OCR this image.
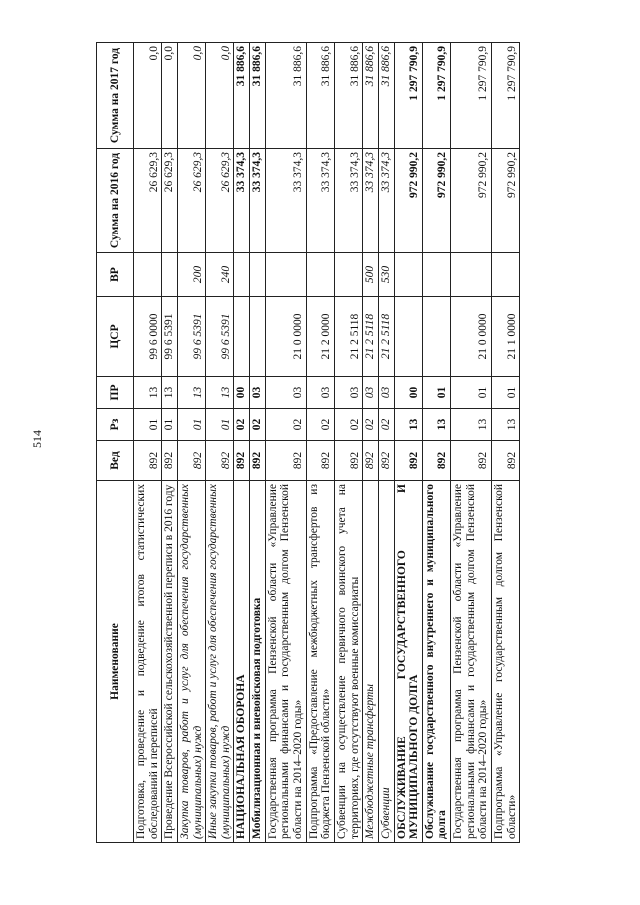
514
Наименование	Вед	Рз	ПР	ЦСР	ВР	Сумма на 2016 год	Сумма на 2017 год
Подготовка, проведение и подведение итогов статистических обследований и переписей	892	01	13	99 6 0000		26 629,3	0,0
Проведение Всероссийской сельскохозяйственной переписи в 2016 году	892	01	13	99 6 5391		26 629,3	0,0
Закупка товаров, работ и услуг для обеспечения государственных (муниципальных) нужд	892	01	13	99 6 5391	200	26 629,3	0,0
Иные закупки товаров, работ и услуг для обеспечения государственных (муниципальных) нужд	892	01	13	99 6 5391	240	26 629,3	0,0
НАЦИОНАЛЬНАЯ ОБОРОНА	892	02	00			33 374,3	31 886,6
Мобилизационная и вневойсковая подготовка	892	02	03			33 374,3	31 886,6
Государственная программа Пензенской области «Управление региональными финансами и государственным долгом Пензенской области на 2014–2020 годы»	892	02	03	21 0 0000		33 374,3	31 886,6
Подпрограмма «Предоставление межбюджетных трансфертов из бюджета Пензенской области»	892	02	03	21 2 0000		33 374,3	31 886,6
Субвенции на осуществление первичного воинского учета на территориях, где отсутствуют военные комиссариаты	892	02	03	21 2 5118		33 374,3	31 886,6
Межбюджетные трансферты	892	02	03	21 2 5118	500	33 374,3	31 886,6
Субвенции	892	02	03	21 2 5118	530	33 374,3	31 886,6
ОБСЛУЖИВАНИЕ ГОСУДАРСТВЕННОГО И МУНИЦИПАЛЬНОГО ДОЛГА	892	13	00			972 990,2	1 297 790,9
Обслуживание государственного внутреннего и муниципального долга	892	13	01			972 990,2	1 297 790,9
Государственная программа Пензенской области «Управление региональными финансами и государственным долгом Пензенской области на 2014–2020 годы»	892	13	01	21 0 0000		972 990,2	1 297 790,9
Подпрограмма «Управление государственным долгом Пензенской области»	892	13	01	21 1 0000		972 990,2	1 297 790,9
